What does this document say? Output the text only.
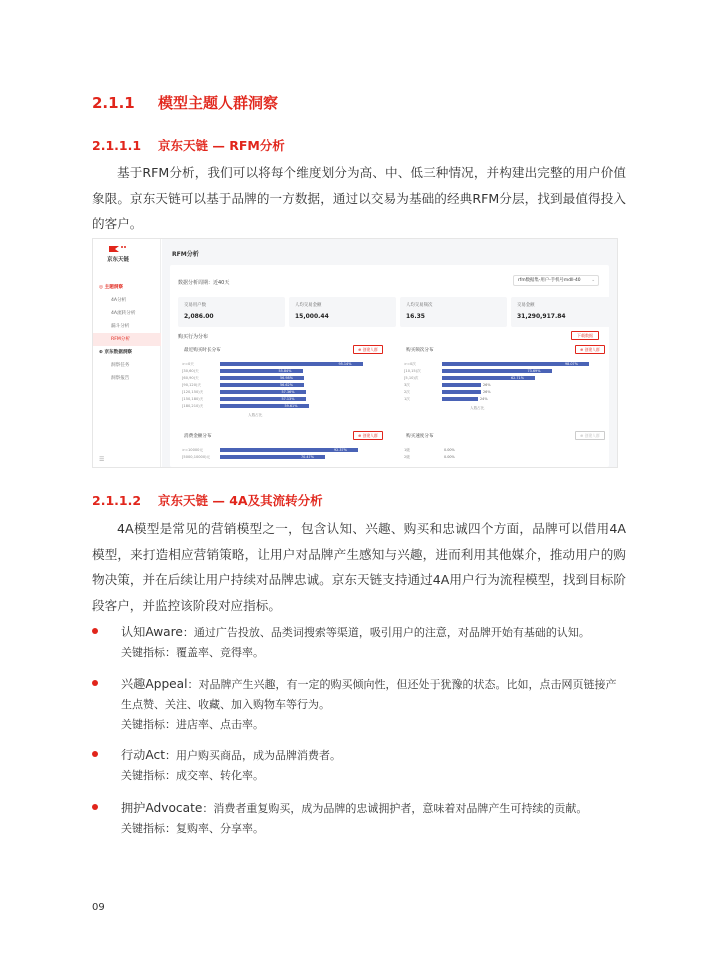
2.1.1 模型主题人群洞察
2.1.1.1 京东天链 — RFM分析

基于RFM分析，我们可以将每个维度划分为高、中、低三种情况，并构建出完整的用户价值象限。京东天链可以基于品牌的一方数据，通过以交易为基础的经典RFM分层，找到最值得投入的客户。

京东天链
◎ 主题洞察
4A分析
4A流转分析
漏斗分析
RFM分析
⊕ 京东数据洞察
洞察任务
洞察报告
☰
RFM分析
数据分析周期：近40天	rfm数据集-用户-手机号mdll-40 ⌄
交易用户数
2,086.00
人均交易金额
15,000.44
人均交易频次
16.35
交易金额
31,290,917.84
购买行为分布	下载数据
最近购买时长分布	⊕ 创建人群
>=0天	95.14%
[30,60)天	55.84%
[60,90)天	56.98%
[90,120)天	56.62%
[120,150)天	57.36%
[150,180)天	57.13%
[180,210)天	59.61%
人数占比
购买频次分布	⊕ 创建人群
>=0次	98.07%
[10,15)次	73.69%
[5,10)次	62.71%
3次	26%
2次	26%
1次	24%
人数占比
消费金额分布	⊕ 创建人群
>=10000元	92.37%
[5000,10000)元	70.47%
购买速度分布	⊕ 创建人群
1级	0.00%
2级	0.00%
2.1.1.2 京东天链 — 4A及其流转分析

4A模型是常见的营销模型之一，包含认知、兴趣、购买和忠诚四个方面，品牌可以借用4A模型，来打造相应营销策略，让用户对品牌产生感知与兴趣，进而利用其他媒介，推动用户的购物决策，并在后续让用户持续对品牌忠诚。京东天链支持通过4A用户行为流程模型，找到目标阶段客户，并监控该阶段对应指标。

认知Aware：通过广告投放、品类词搜索等渠道，吸引用户的注意，对品牌开始有基础的认知。
关键指标：覆盖率、竞得率。
兴趣Appeal：对品牌产生兴趣，有一定的购买倾向性，但还处于犹豫的状态。比如，点击网页链接产生点赞、关注、收藏、加入购物车等行为。
关键指标：进店率、点击率。
行动Act：用户购买商品，成为品牌消费者。
关键指标：成交率、转化率。
拥护Advocate：消费者重复购买，成为品牌的忠诚拥护者，意味着对品牌产生可持续的贡献。
关键指标：复购率、分享率。
09
